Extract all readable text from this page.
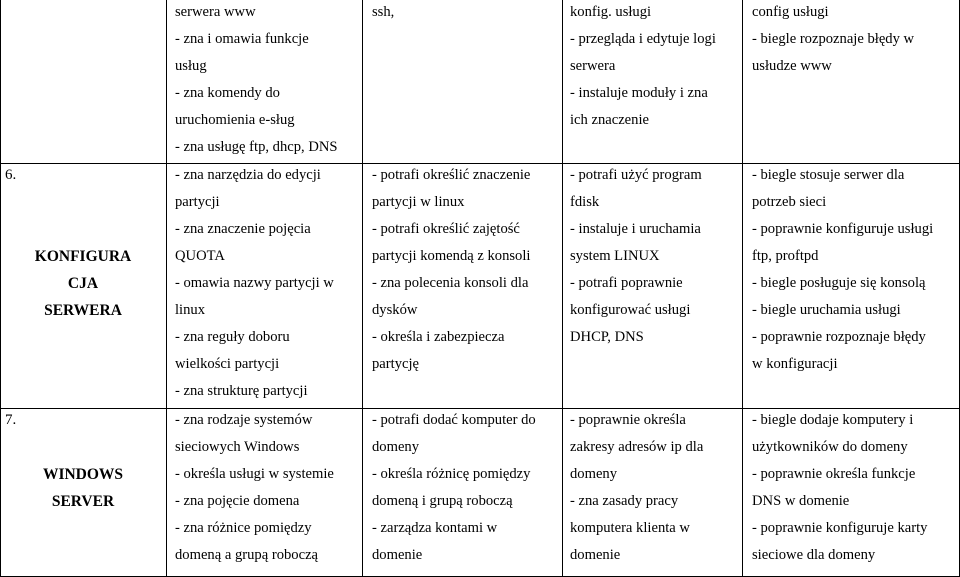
serwera www
- zna i omawia funkcje
usług
- zna komendy do
uruchomienia e-sług
- zna usługę ftp, dhcp, DNS
ssh,	konfig. usługi
- przegląda i edytuje logi
serwera
- instaluje moduły i zna
ich znaczenie
config usługi
- biegle rozpoznaje błędy w
usłudze www
6.
KONFIGURA
CJA
SERWERA
- zna narzędzia do edycji
partycji
- zna znaczenie pojęcia
QUOTA
- omawia nazwy partycji w
linux
- zna reguły doboru
wielkości partycji
- zna strukturę partycji
- potrafi określić znaczenie
partycji w linux
- potrafi określić zajętość
partycji komendą z konsoli
- zna polecenia konsoli dla
dysków
- określa i zabezpiecza
partycję
- potrafi użyć program
fdisk
- instaluje i uruchamia
system LINUX
- potrafi poprawnie
konfigurować usługi
DHCP, DNS
- biegle stosuje serwer dla
potrzeb sieci
- poprawnie konfiguruje usługi
ftp, proftpd
- biegle posługuje się konsolą
- biegle uruchamia usługi
- poprawnie rozpoznaje błędy
w konfiguracji
7.
WINDOWS
SERVER
- zna rodzaje systemów
sieciowych Windows
- określa usługi w systemie
- zna pojęcie domena
- zna różnice pomiędzy
domeną a grupą roboczą
- potrafi dodać komputer do
domeny
- określa różnicę pomiędzy
domeną i grupą roboczą
- zarządza kontami w
domenie
- poprawnie określa
zakresy adresów ip dla
domeny
- zna zasady pracy
komputera klienta w
domenie
- biegle dodaje komputery i
użytkowników do domeny
- poprawnie określa funkcje
DNS w domenie
- poprawnie konfiguruje karty
sieciowe dla domeny
